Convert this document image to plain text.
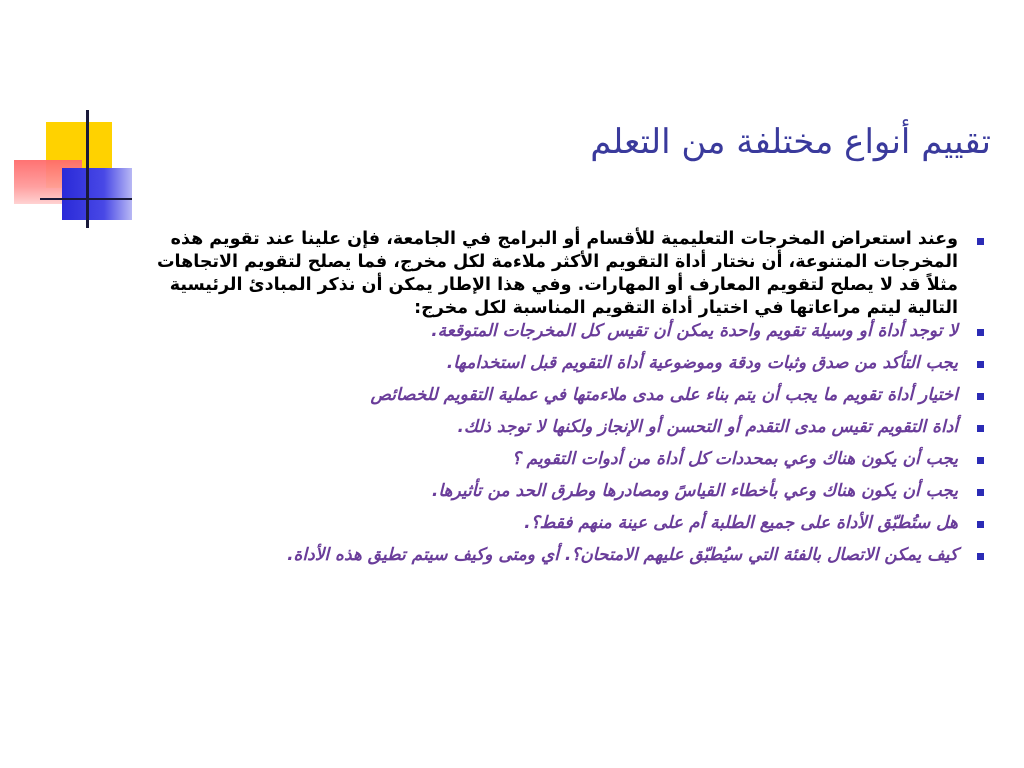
تقييم أنواع مختلفة من التعلم
وعند استعراض المخرجات التعليمية للأقسام أو البرامج في الجامعة، فإن علينا عند تقويم هذه المخرجات المتنوعة، أن نختار أداة التقويم الأكثر ملاءمة لكل مخرج، فما يصلح لتقويم الاتجاهات مثلاً قد لا يصلح لتقويم المعارف أو المهارات. وفي هذا الإطار يمكن أن نذكر المبادئ الرئيسية التالية ليتم مراعاتها في اختيار أداة التقويم المناسبة لكل مخرج:
لا توجد أداة أو وسيلة تقويم واحدة يمكن أن تقيس كل المخرجات المتوقعة.
يجب التأكد من صدق وثبات ودقة وموضوعية أداة التقويم قبل استخدامها.
اختيار أداة تقويم ما يجب أن يتم بناء على مدى ملاءمتها في عملية التقويم للخصائص
أداة التقويم تقيس مدى التقدم أو التحسن أو الإنجاز ولكنها لا توجد ذلك.
يجب أن يكون هناك وعي بمحددات كل أداة من أدوات التقويم ؟
يجب أن يكون هناك وعي بأخطاء القياسً ومصادرها وطرق الحد من تأثيرها.
هل ستُطبّق الأداة على جميع الطلبة أم على عينة منهم فقط؟.
كيف يمكن الاتصال بالفئة التي سيُطبّق عليهم الامتحان؟. أي ومتى وكيف سيتم تطيق هذه الأداة.
